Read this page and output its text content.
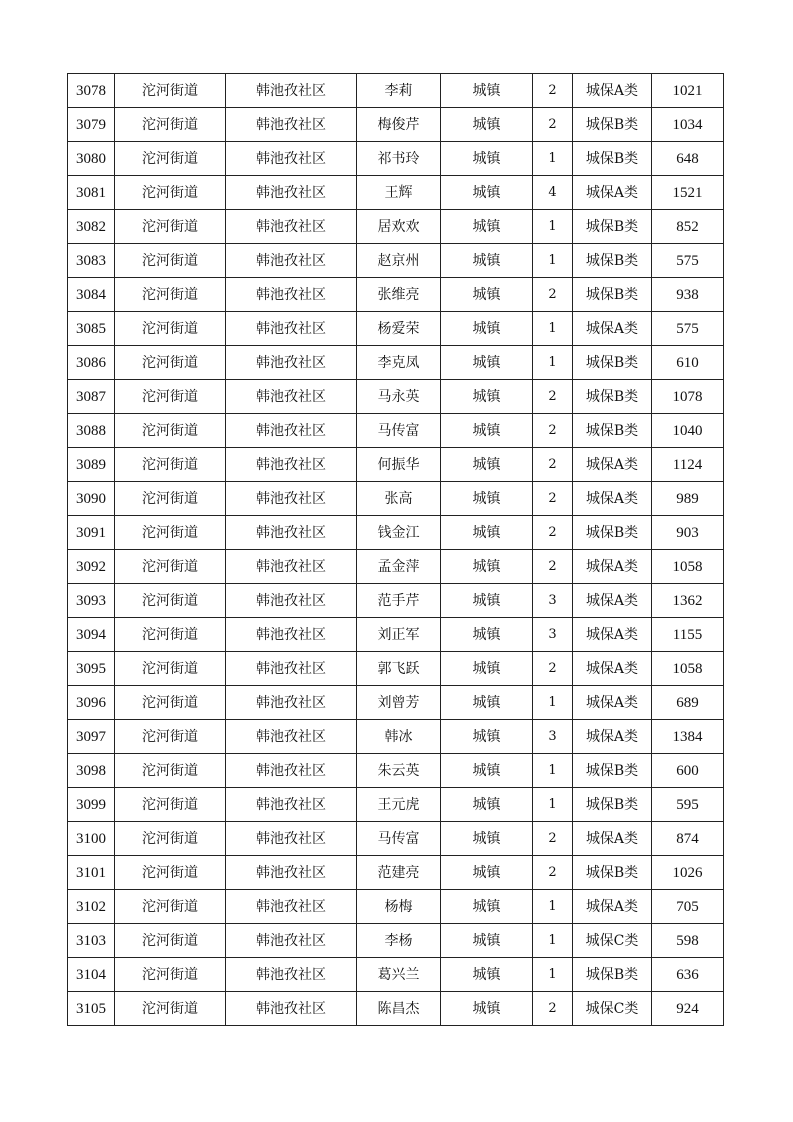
3078	沱河街道	韩池孜社区	李莉	城镇	2	城保A类	1021
3079	沱河街道	韩池孜社区	梅俊芹	城镇	2	城保B类	1034
3080	沱河街道	韩池孜社区	祁书玲	城镇	1	城保B类	648
3081	沱河街道	韩池孜社区	王辉	城镇	4	城保A类	1521
3082	沱河街道	韩池孜社区	居欢欢	城镇	1	城保B类	852
3083	沱河街道	韩池孜社区	赵京州	城镇	1	城保B类	575
3084	沱河街道	韩池孜社区	张维亮	城镇	2	城保B类	938
3085	沱河街道	韩池孜社区	杨爱荣	城镇	1	城保A类	575
3086	沱河街道	韩池孜社区	李克凤	城镇	1	城保B类	610
3087	沱河街道	韩池孜社区	马永英	城镇	2	城保B类	1078
3088	沱河街道	韩池孜社区	马传富	城镇	2	城保B类	1040
3089	沱河街道	韩池孜社区	何振华	城镇	2	城保A类	1124
3090	沱河街道	韩池孜社区	张高	城镇	2	城保A类	989
3091	沱河街道	韩池孜社区	钱金江	城镇	2	城保B类	903
3092	沱河街道	韩池孜社区	孟金萍	城镇	2	城保A类	1058
3093	沱河街道	韩池孜社区	范手芹	城镇	3	城保A类	1362
3094	沱河街道	韩池孜社区	刘正军	城镇	3	城保A类	1155
3095	沱河街道	韩池孜社区	郭飞跃	城镇	2	城保A类	1058
3096	沱河街道	韩池孜社区	刘曾芳	城镇	1	城保A类	689
3097	沱河街道	韩池孜社区	韩冰	城镇	3	城保A类	1384
3098	沱河街道	韩池孜社区	朱云英	城镇	1	城保B类	600
3099	沱河街道	韩池孜社区	王元虎	城镇	1	城保B类	595
3100	沱河街道	韩池孜社区	马传富	城镇	2	城保A类	874
3101	沱河街道	韩池孜社区	范建亮	城镇	2	城保B类	1026
3102	沱河街道	韩池孜社区	杨梅	城镇	1	城保A类	705
3103	沱河街道	韩池孜社区	李杨	城镇	1	城保C类	598
3104	沱河街道	韩池孜社区	葛兴兰	城镇	1	城保B类	636
3105	沱河街道	韩池孜社区	陈昌杰	城镇	2	城保C类	924
